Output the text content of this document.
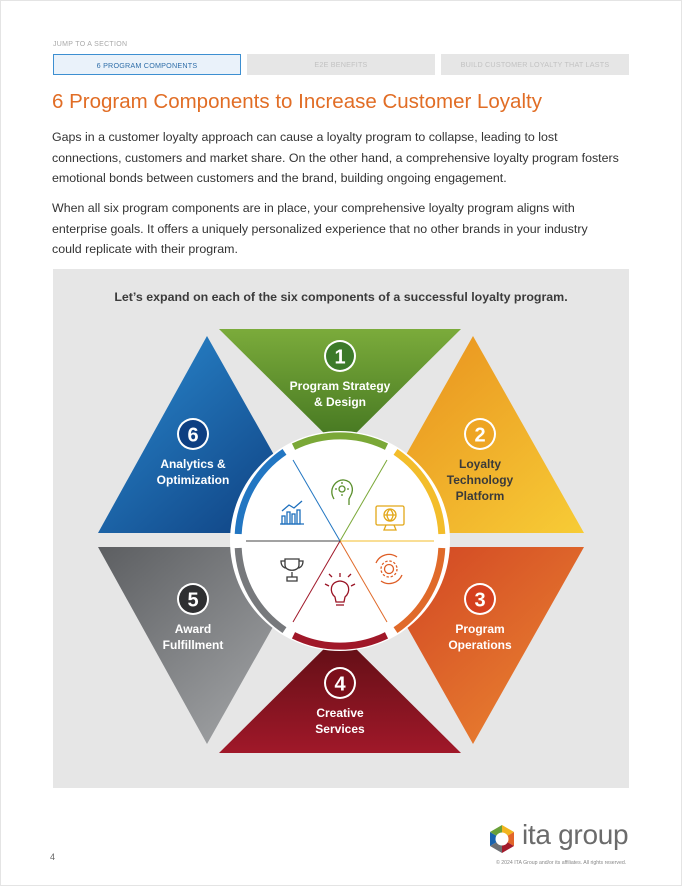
JUMP TO A SECTION
6 PROGRAM COMPONENTS	E2E BENEFITS	BUILD CUSTOMER LOYALTY THAT LASTS
6 Program Components to Increase Customer Loyalty
Gaps in a customer loyalty approach can cause a loyalty program to collapse, leading to lost connections, customers and market share. On the other hand, a comprehensive loyalty program fosters emotional bonds between customers and the brand, building ongoing engagement.
When all six program components are in place, your comprehensive loyalty program aligns with enterprise goals. It offers a uniquely personalized experience that no other brands in your industry could replicate with their program.
Let’s expand on each of the six components of a successful loyalty program.
1
2
3
4
5
6
Program Strategy
& Design
Loyalty
Technology
Platform
Program
Operations
Creative
Services
Award
Fulfillment
Analytics &
Optimization
4
ita group
© 2024 ITA Group and/or its affiliates. All rights reserved.
